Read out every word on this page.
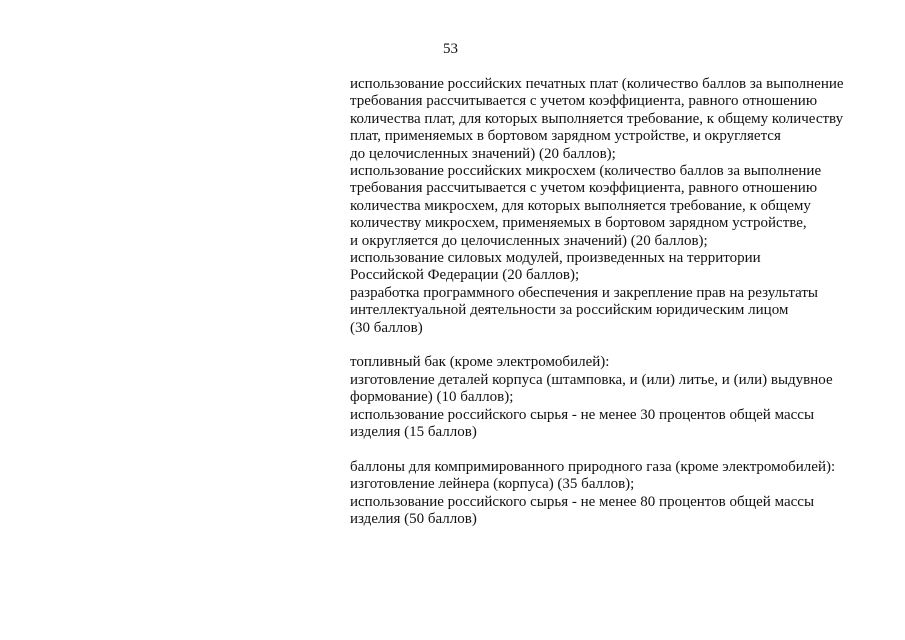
53
использование российских печатных плат (количество баллов за выполнение
требования рассчитывается с учетом коэффициента, равного отношению
количества плат, для которых выполняется требование, к общему количеству
плат, применяемых в бортовом зарядном устройстве, и округляется
до целочисленных значений) (20 баллов);
использование российских микросхем (количество баллов за выполнение
требования рассчитывается с учетом коэффициента, равного отношению
количества микросхем, для которых выполняется требование, к общему
количеству микросхем, применяемых в бортовом зарядном устройстве,
и округляется до целочисленных значений) (20 баллов);
использование силовых модулей, произведенных на территории
Российской Федерации (20 баллов);
разработка программного обеспечения и закрепление прав на результаты
интеллектуальной деятельности за российским юридическим лицом
(30 баллов)
топливный бак (кроме электромобилей):
изготовление деталей корпуса (штамповка, и (или) литье, и (или) выдувное
формование) (10 баллов);
использование российского сырья - не менее 30 процентов общей массы
изделия (15 баллов)
баллоны для компримированного природного газа (кроме электромобилей):
изготовление лейнера (корпуса) (35 баллов);
использование российского сырья - не менее 80 процентов общей массы
изделия (50 баллов)
